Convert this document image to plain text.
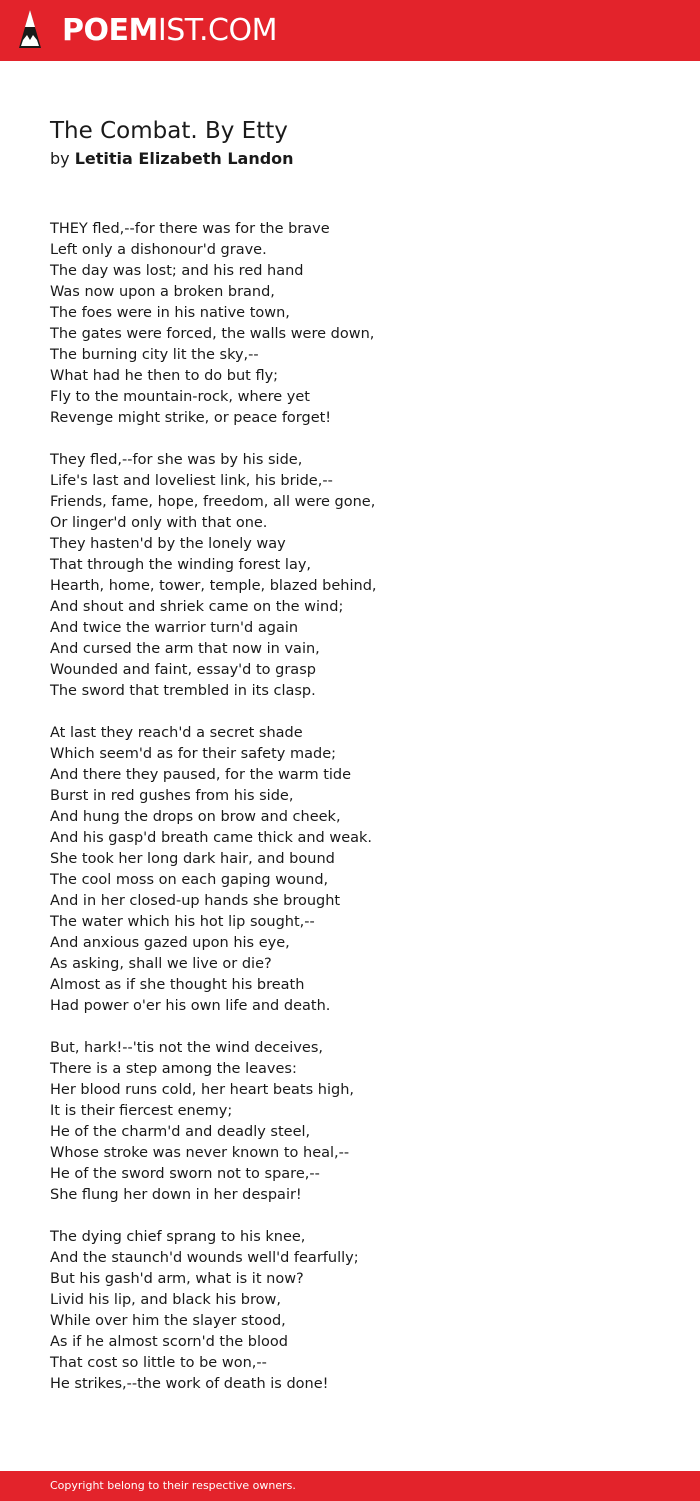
POEMIST.COM
The Combat. By Etty
by Letitia Elizabeth Landon
THEY fled,--for there was for the brave
Left only a dishonour'd grave.
The day was lost; and his red hand
Was now upon a broken brand,
The foes were in his native town,
The gates were forced, the walls were down,
The burning city lit the sky,--
What had he then to do but fly;
Fly to the mountain-rock, where yet
Revenge might strike, or peace forget!
They fled,--for she was by his side,
Life's last and loveliest link, his bride,--
Friends, fame, hope, freedom, all were gone,
Or linger'd only with that one.
They hasten'd by the lonely way
That through the winding forest lay,
Hearth, home, tower, temple, blazed behind,
And shout and shriek came on the wind;
And twice the warrior turn'd again
And cursed the arm that now in vain,
Wounded and faint, essay'd to grasp
The sword that trembled in its clasp.
At last they reach'd a secret shade
Which seem'd as for their safety made;
And there they paused, for the warm tide
Burst in red gushes from his side,
And hung the drops on brow and cheek,
And his gasp'd breath came thick and weak.
She took her long dark hair, and bound
The cool moss on each gaping wound,
And in her closed-up hands she brought
The water which his hot lip sought,--
And anxious gazed upon his eye,
As asking, shall we live or die?
Almost as if she thought his breath
Had power o'er his own life and death.
But, hark!--'tis not the wind deceives,
There is a step among the leaves:
Her blood runs cold, her heart beats high,
It is their fiercest enemy;
He of the charm'd and deadly steel,
Whose stroke was never known to heal,--
He of the sword sworn not to spare,--
She flung her down in her despair!
The dying chief sprang to his knee,
And the staunch'd wounds well'd fearfully;
But his gash'd arm, what is it now?
Livid his lip, and black his brow,
While over him the slayer stood,
As if he almost scorn'd the blood
That cost so little to be won,--
He strikes,--the work of death is done!
Copyright belong to their respective owners.
